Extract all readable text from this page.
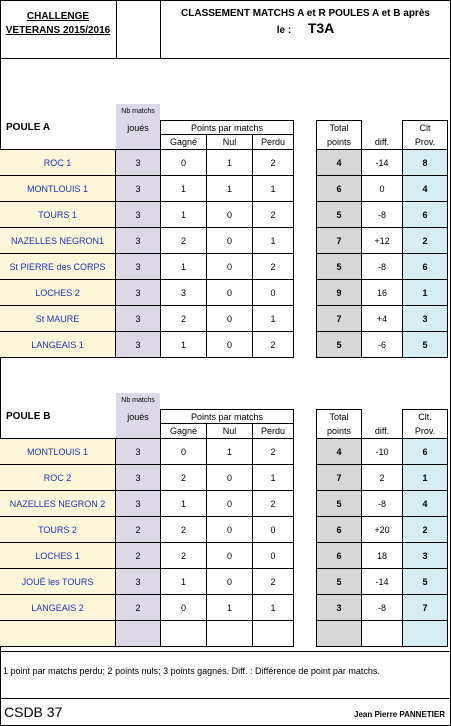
CHALLENGE
VETERANS 2015/2016
CLASSEMENT MATCHS A et R POULES A et B après
le : T3A
POULE A
Nb matchs
joués	Points par matchs
Gagné	Nul	Perdu
Total
points	diff.
Clt
Prov.
ROC 1	3	0	1	2	4	-14	8
MONTLOUIS 1	3	1	1	1	6	0	4
TOURS 1	3	1	0	2	5	-8	6
NAZELLES NEGRON1	3	2	0	1	7	+12	2
St PIERRE des CORPS	3	1	0	2	5	-8	6
LOCHES 2	3	3	0	0	9	16	1
St MAURE	3	2	0	1	7	+4	3
LANGEAIS 1	3	1	0	2	5	-6	5
POULE B
Nb matchs
joués	Points par matchs
Gagné	Nul	Perdu
Total
points	diff.
Clt.
Prov.
MONTLOUIS 1	3	0	1	2	4	-10	6
ROC 2	3	2	0	1	7	2	1
NAZELLES NEGRON 2	3	1	0	2	5	-8	4
TOURS 2	2	2	0	0	6	+20	2
LOCHES 1	2	2	0	0	6	18	3
JOUÉ les TOURS	3	1	0	2	5	-14	5
LANGEAIS 2	2	0	1	1	3	-8	7
1 point par matchs perdu; 2 points nuls; 3 points gagnés. Diff. : Différence de point par matchs.
CSDB 37	Jean Pierre PANNETIER
